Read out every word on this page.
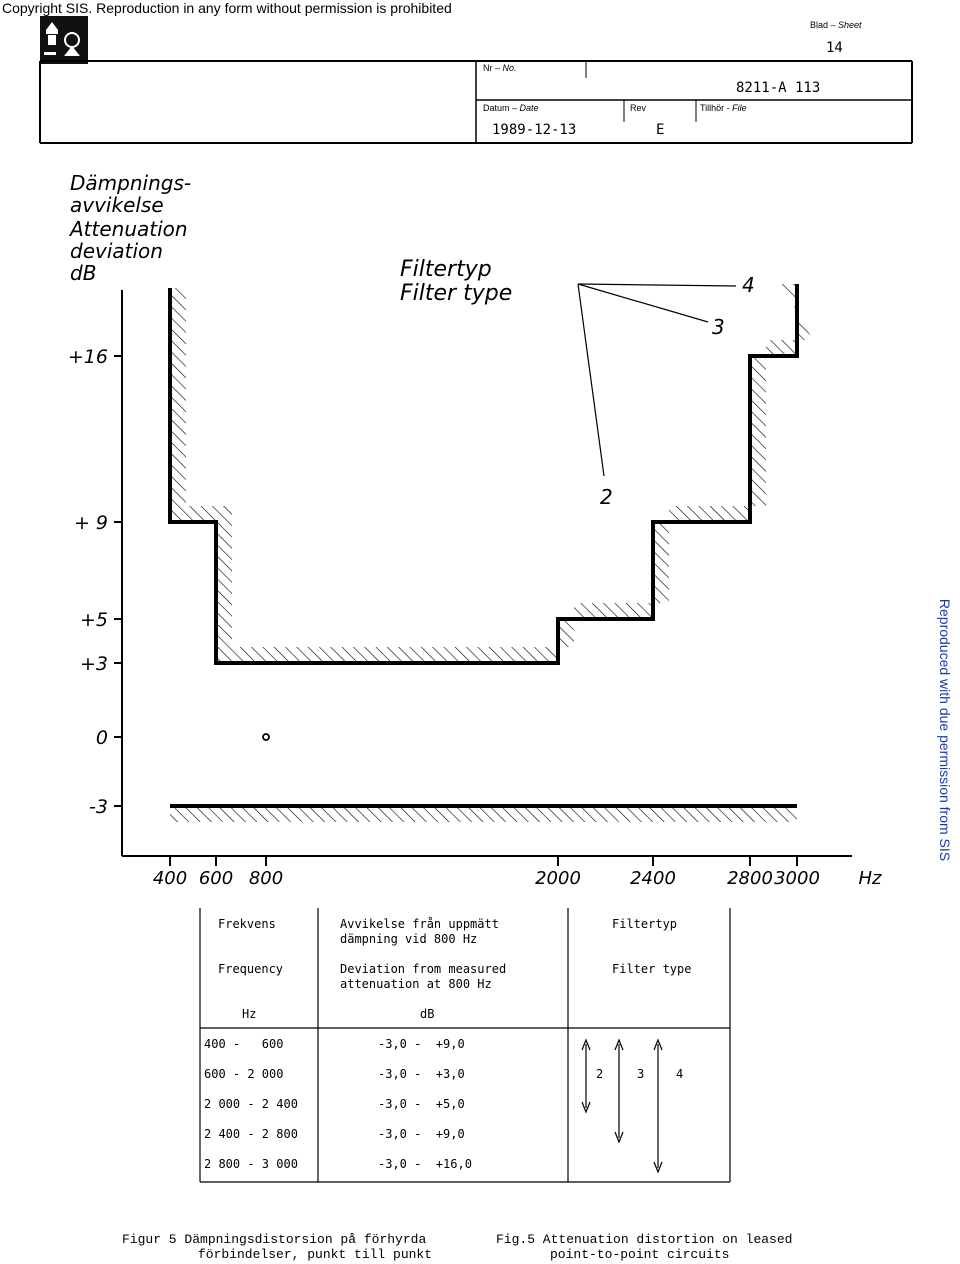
Copyright SIS. Reproduction in any form without permission is prohibited
Reproduced with due permission from SIS
Blad – Sheet
14
Nr – No.
8211-A 113
Datum – Date
1989-12-13
Rev
E
Tillhör - File
Dämpnings-
avvikelse
Attenuation
deviation
dB	Filtertyp
Filter type
+16
+ 9
+5
+3
0
-3
400 600 800	2000	2400	2800 3000 Hz
4
3
2
Frekvens
Frequency
Hz
Avvikelse från uppmätt
dämpning vid 800 Hz
Deviation from measured
attenuation at 800 Hz
dB
Filtertyp
Filter type
400 -   600	-3,0 -  +9,0
600 - 2 000	-3,0 -  +3,0
2 000 - 2 400	-3,0 -  +5,0
2 400 - 2 800	-3,0 -  +9,0
2 800 - 3 000	-3,0 -  +16,0
2	3	4
Figur 5 Dämpningsdistorsion på förhyrda
förbindelser, punkt till punkt
Fig.5 Attenuation distortion on leased
point-to-point circuits
